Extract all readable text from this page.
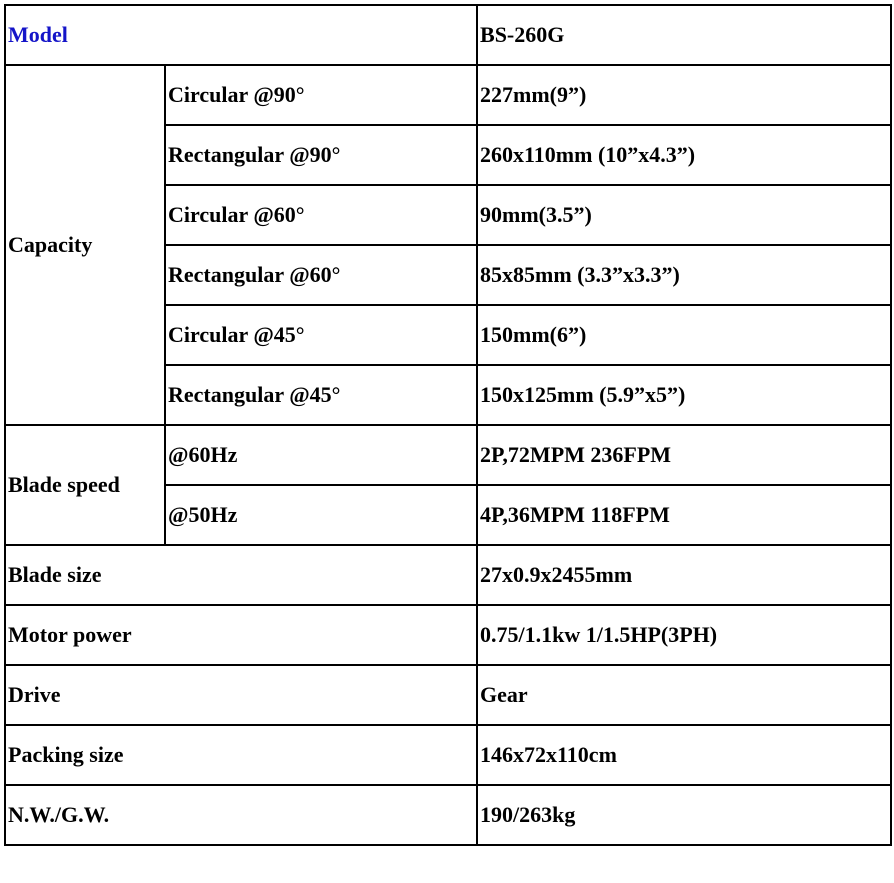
Model		BS-260G
Capacity	Circular @90°	227mm(9”)
	Rectangular @90°	260x110mm (10”x4.3”)
	Circular @60°	90mm(3.5”)
	Rectangular @60°	85x85mm (3.3”x3.3”)
	Circular @45°	150mm(6”)
	Rectangular @45°	150x125mm (5.9”x5”)
Blade speed	@60Hz	2P,72MPM 236FPM
	@50Hz	4P,36MPM 118FPM
Blade size		27x0.9x2455mm
Motor power		0.75/1.1kw 1/1.5HP(3PH)
Drive		Gear
Packing size		146x72x110cm
N.W./G.W.		190/263kg
